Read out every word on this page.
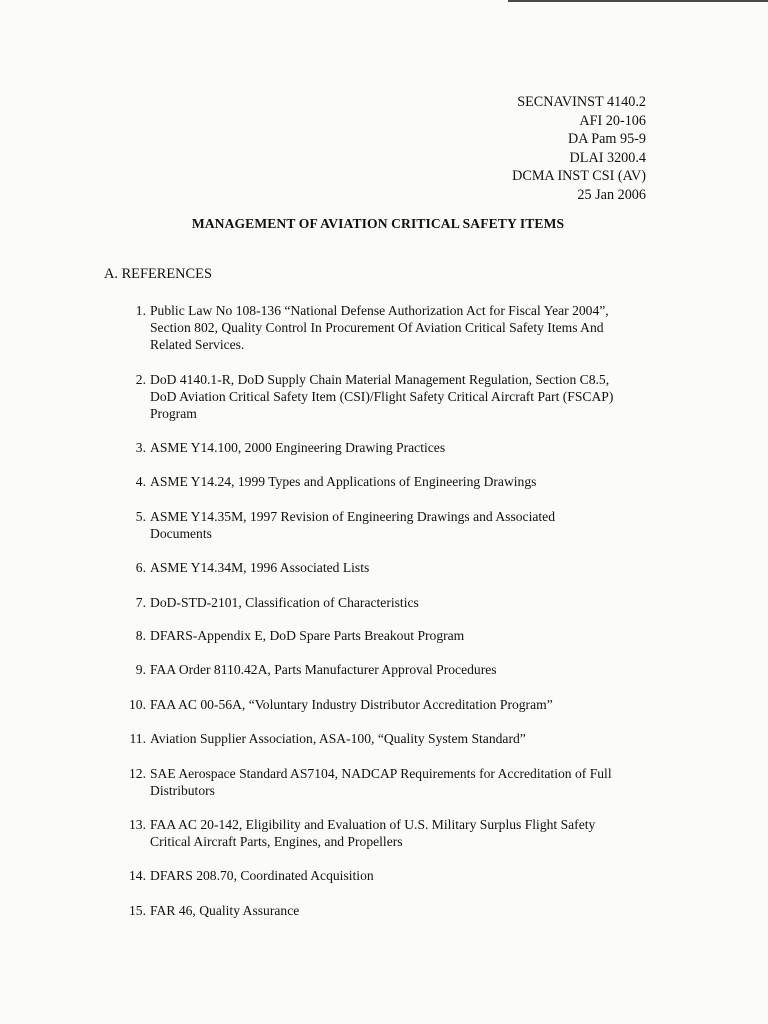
SECNAVINST 4140.2
AFI 20-106
DA Pam 95-9
DLAI 3200.4
DCMA INST CSI (AV)
25 Jan 2006
MANAGEMENT OF AVIATION CRITICAL SAFETY ITEMS
A. REFERENCES
1. Public Law No 108-136 “National Defense Authorization Act for Fiscal Year 2004”,
Section 802, Quality Control In Procurement Of Aviation Critical Safety Items And
Related Services.
2. DoD 4140.1-R, DoD Supply Chain Material Management Regulation, Section C8.5,
DoD Aviation Critical Safety Item (CSI)/Flight Safety Critical Aircraft Part (FSCAP)
Program
3. ASME Y14.100, 2000 Engineering Drawing Practices
4. ASME Y14.24, 1999 Types and Applications of Engineering Drawings
5. ASME Y14.35M, 1997 Revision of Engineering Drawings and Associated
Documents
6. ASME Y14.34M, 1996 Associated Lists
7. DoD-STD-2101, Classification of Characteristics
8. DFARS-Appendix E, DoD Spare Parts Breakout Program
9. FAA Order 8110.42A, Parts Manufacturer Approval Procedures
10. FAA AC 00-56A, “Voluntary Industry Distributor Accreditation Program”
11. Aviation Supplier Association, ASA-100, “Quality System Standard”
12. SAE Aerospace Standard AS7104, NADCAP Requirements for Accreditation of Full
Distributors
13. FAA AC 20-142, Eligibility and Evaluation of U.S. Military Surplus Flight Safety
Critical Aircraft Parts, Engines, and Propellers
14. DFARS 208.70, Coordinated Acquisition
15. FAR 46, Quality Assurance
